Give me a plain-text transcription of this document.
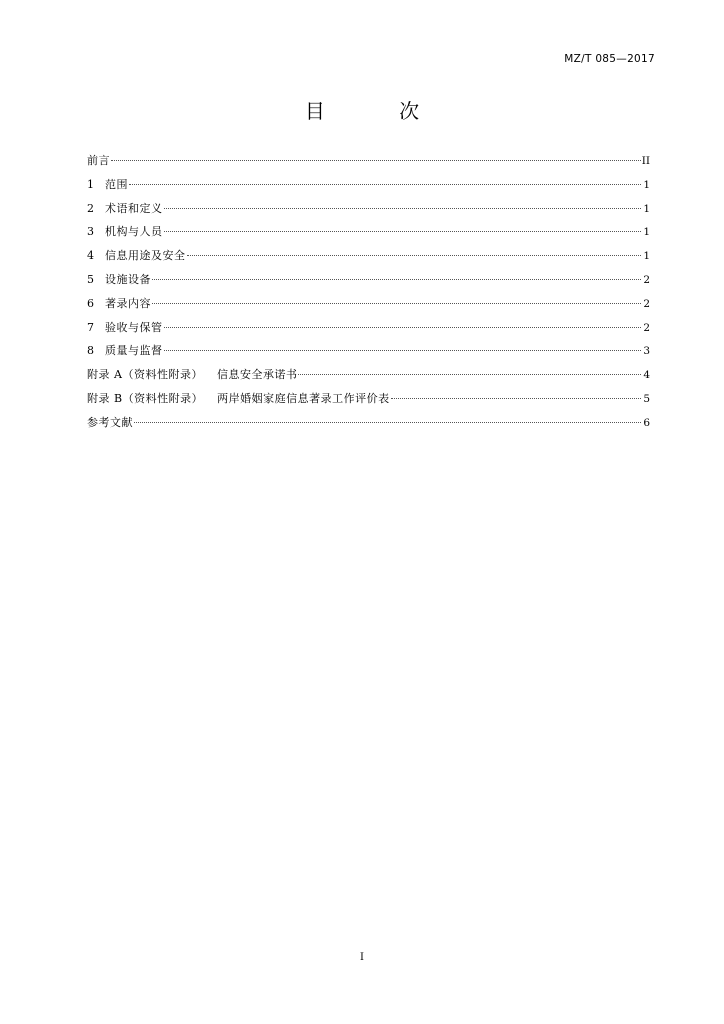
MZ/T 085—2017
目 次
前言	II
1 范围	1
2 术语和定义	1
3 机构与人员	1
4 信息用途及安全	1
5 设施设备	2
6 著录内容	2
7 验收与保管	2
8 质量与监督	3
附录 A（资料性附录） 信息安全承诺书	4
附录 B（资料性附录） 两岸婚姻家庭信息著录工作评价表	5
参考文献	6
I
